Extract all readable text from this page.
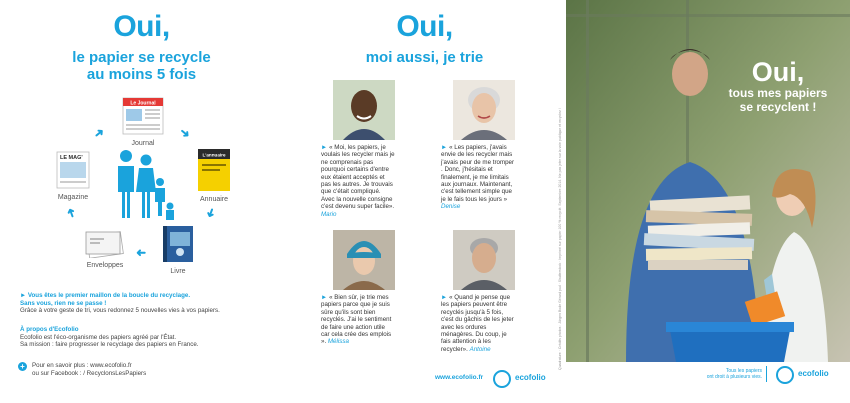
Oui,
le papier se recycle
au moins 5 fois
Le Journal
Journal
L'annuaire
Annuaire
Livre
Enveloppes
LE MAG'
Magazine
➜	➜
➜
➜
➜
► Vous êtes le premier maillon de la boucle du recyclage.
Sans vous, rien ne se passe !
Grâce à votre geste de tri, vous redonnez 5 nouvelles vies à vos papiers.
À propos d'Ecofolio
Ecofolio est l'éco-organisme des papiers agréé par l'État.
Sa mission : faire progresser le recyclage des papiers en France.
+	Pour en savoir plus : www.ecofolio.fr
ou sur Facebook : / RecyclonsLesPapiers
Oui,
moi aussi, je trie
► « Moi, les papiers, je voulais les recycler mais je ne comprenais pas pourquoi certains d'entre eux étaient acceptés et pas les autres. Je trouvais que c'était compliqué. Avec la nouvelle consigne c'est devenu super facile». Mario
► « Les papiers, j'avais envie de les recycler mais j'avais peur de me tromper . Donc, j'hésitais et finalement, je me limitais aux journaux. Maintenant, c'est tellement simple que je le fais tous les jours » Denise
► « Bien sûr, je trie mes papiers parce que je suis sûre qu'ils sont bien recyclés. J'ai le sentiment de faire une action utile car cela crée des emplois ». Mélissa
► « Quand je pense que les papiers peuvent être recyclés jusqu'à 5 fois, c'est du gâchis de les jeter avec les ordures ménagères. Du coup, je fais attention à les recycler». Antoine
www.ecofolio.fr	ecofolio
Quadrature · Crédits photos : Jürgen Bode Gérard pxd · Shutterstock · Imprimé sur papier 100 % recyclé. Septembre 2014. Ne pas jeter sur la voie publique et recyclez !
Oui,
tous mes papiers
se recyclent !
Tous les papiers
ont droit à plusieurs vies.	ecofolio
